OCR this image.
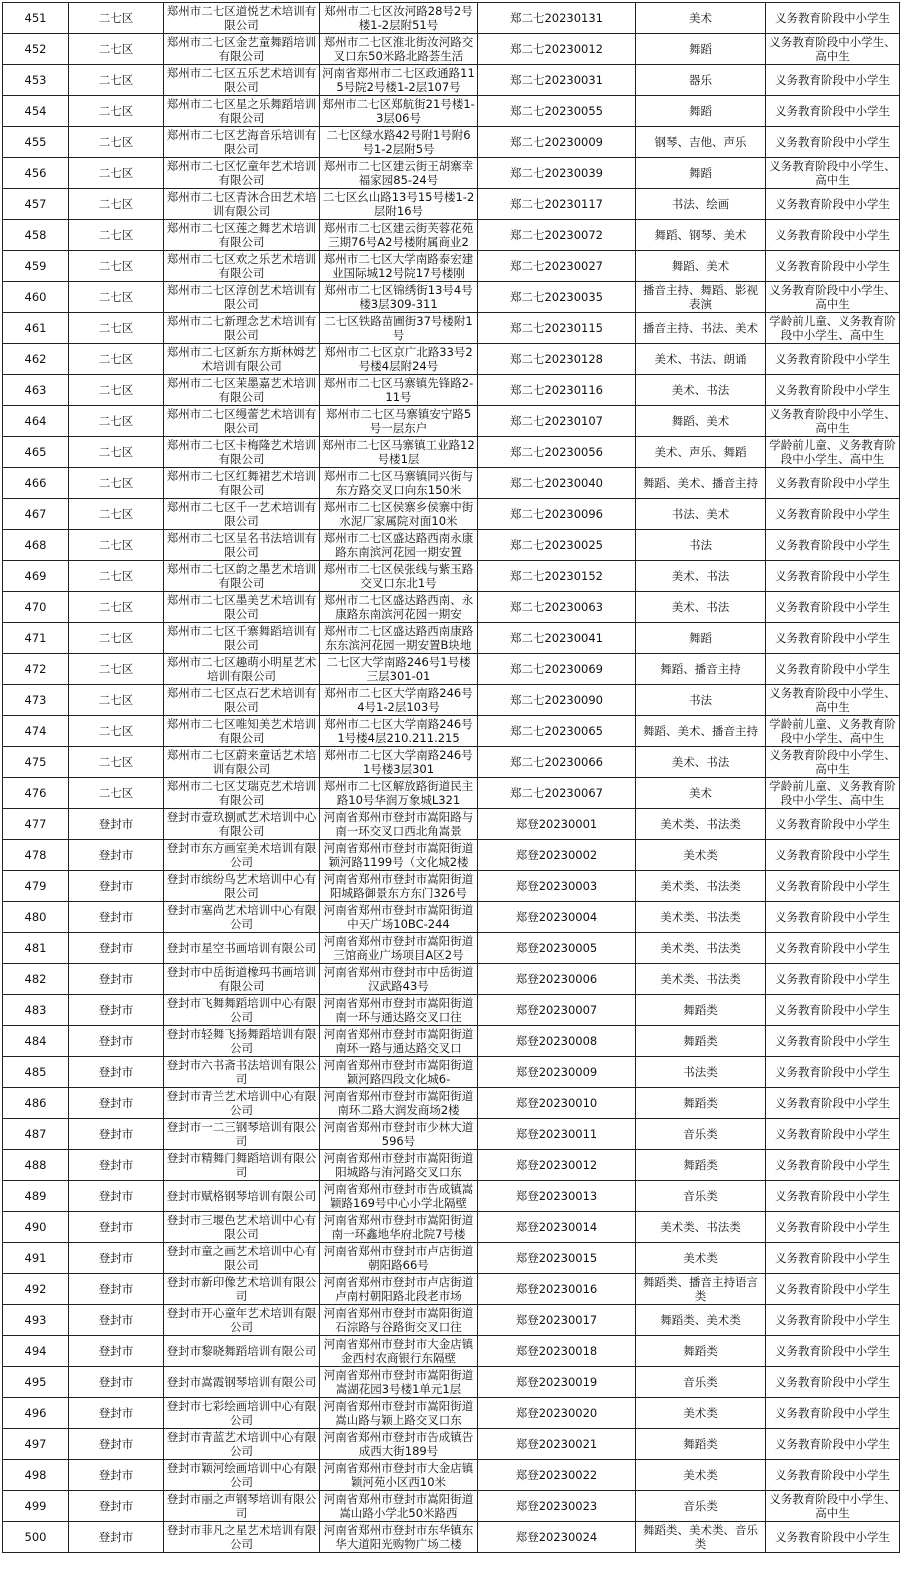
451	二七区	郑州市二七区道悦艺术培训有限公司	郑州市二七区汝河路28号2号楼1-2层附51号	郑二七20230131	美术	义务教育阶段中小学生

452	二七区	郑州市二七区金艺童舞蹈培训有限公司	郑州市二七区淮北街汝河路交叉口东50米路北路荟生活	郑二七20230012	舞蹈	义务教育阶段中小学生、高中生

453	二七区	郑州市二七区五乐艺术培训有限公司	河南省郑州市二七区政通路115号院2号楼1-2层107号	郑二七20230031	器乐	义务教育阶段中小学生

454	二七区	郑州市二七区星之乐舞蹈培训有限公司	郑州市二七区郑航街21号楼1-3层06号	郑二七20230055	舞蹈	义务教育阶段中小学生

455	二七区	郑州市二七区艺海音乐培训有限公司	二七区绿水路42号附1号附6号1-2层附5号	郑二七20230009	钢琴、吉他、声乐	义务教育阶段中小学生

456	二七区	郑州市二七区忆童年艺术培训有限公司	郑州市二七区建云街王胡寨幸福家园85-24号	郑二七20230039	舞蹈	义务教育阶段中小学生、高中生

457	二七区	郑州市二七区青沐合田艺术培训有限公司	二七区幺山路13号15号楼1-2层附16号	郑二七20230117	书法、绘画	义务教育阶段中小学生

458	二七区	郑州市二七区莲之舞艺术培训有限公司	郑州市二七区建云街芙蓉花苑三期76号A2号楼附属商业2	郑二七20230072	舞蹈、钢琴、美术	义务教育阶段中小学生

459	二七区	郑州市二七区欢之乐艺术培训有限公司	郑州市二七区大学南路泰宏建业国际城12号院17号楼刚	郑二七20230027	舞蹈、美术	义务教育阶段中小学生

460	二七区	郑州市二七区淳创艺术培训有限公司	郑州市二七区锦绣街13号4号楼3层309-311	郑二七20230035	播音主持、舞蹈、影视表演	义务教育阶段中小学生、高中生

461	二七区	郑州市二七新理念艺术培训有限公司	二七区铁路苗圃街37号楼附1号	郑二七20230115	播音主持、书法、美术	学龄前儿童、义务教育阶段中小学生、高中生

462	二七区	郑州市二七区新东方斯林姆艺术培训有限公司	郑州市二七区京广北路33号2号楼4层附24号	郑二七20230128	美术、书法、朗诵	义务教育阶段中小学生

463	二七区	郑州市二七区茉墨嘉艺术培训有限公司	郑州市二七区马寨镇先锋路2-11号	郑二七20230116	美术、书法	义务教育阶段中小学生

464	二七区	郑州市二七区缦蕾艺术培训有限公司	郑州市二七区马寨镇安宁路5号一层东户	郑二七20230107	舞蹈、美术	义务教育阶段中小学生、高中生

465	二七区	郑州市二七区卡梅隆艺术培训有限公司	郑州市二七区马寨镇工业路12号楼1层	郑二七20230056	美术、声乐、舞蹈	学龄前儿童、义务教育阶段中小学生、高中生

466	二七区	郑州市二七区红舞裙艺术培训有限公司	郑州市二七区马寨镇同兴街与东方路交叉口向东150米	郑二七20230040	舞蹈、美术、播音主持	义务教育阶段中小学生

467	二七区	郑州市二七区千一艺术培训有限公司	郑州市二七区侯寨乡侯寨中街水泥厂家属院对面10米	郑二七20230096	书法、美术	义务教育阶段中小学生

468	二七区	郑州市二七区呈名书法培训有限公司	郑州市二七区盛达路西南永康路东南滨河花园一期安置	郑二七20230025	书法	义务教育阶段中小学生

469	二七区	郑州市二七区韵之墨艺术培训有限公司	郑州市二七区侯张线与紫玉路交叉口东北1号	郑二七20230152	美术、书法	义务教育阶段中小学生

470	二七区	郑州市二七区墨美艺术培训有限公司	郑州市二七区盛达路西南、永康路东南滨河花园一期安	郑二七20230063	美术、书法	义务教育阶段中小学生

471	二七区	郑州市二七区千寨舞蹈培训有限公司	郑州市二七区盛达路西南康路东东滨河花园一期安置B块地	郑二七20230041	舞蹈	义务教育阶段中小学生

472	二七区	郑州市二七区趣萌小明星艺术培训有限公司	二七区大学南路246号1号楼三层301-01	郑二七20230069	舞蹈、播音主持	义务教育阶段中小学生

473	二七区	郑州市二七区点石艺术培训有限公司	郑州市二七区大学南路246号4号1-2层103号	郑二七20230090	书法	义务教育阶段中小学生、高中生

474	二七区	郑州市二七区唯知美艺术培训有限公司	郑州市二七区大学南路246号1号楼4层210.211.215	郑二七20230065	舞蹈、美术、播音主持	学龄前儿童、义务教育阶段中小学生、高中生

475	二七区	郑州市二七区蔚来童话艺术培训有限公司	郑州市二七区大学南路246号1号楼3层301	郑二七20230066	美术、书法	义务教育阶段中小学生、高中生

476	二七区	郑州市二七区艾瑞克艺术培训有限公司	郑州市二七区解放路街道民主路10号华润万象城L321	郑二七20230067	美术	学龄前儿童、义务教育阶段中小学生、高中生

477	登封市	登封市壹玖捌贰艺术培训中心有限公司	河南省郑州市登封市嵩阳路与南一环交叉口西北角嵩景	郑登20230001	美术类、书法类	义务教育阶段中小学生

478	登封市	登封市东方画室美术培训有限公司	河南省郑州市登封市嵩阳街道颖河路1199号（文化城2楼	郑登20230002	美术类	义务教育阶段中小学生

479	登封市	登封市缤纷鸟艺术培训中心有限公司	河南省郑州市登封市嵩阳街道阳城路御景东方东门326号	郑登20230003	美术类、书法类	义务教育阶段中小学生

480	登封市	登封市塞尚艺术培训中心有限公司	河南省郑州市登封市嵩阳街道中天广场10BC-244	郑登20230004	美术类、书法类	义务教育阶段中小学生

481	登封市	登封市星空书画培训有限公司	河南省郑州市登封市嵩阳街道三馆商业广场项目A区2号	郑登20230005	美术类、书法类	义务教育阶段中小学生

482	登封市	登封市中岳街道橡玛书画培训有限公司	河南省郑州市登封市中岳街道汉武路43号	郑登20230006	美术类、书法类	义务教育阶段中小学生

483	登封市	登封市飞舞舞蹈培训中心有限公司	河南省郑州市登封市嵩阳街道南一环与通达路交叉口往	郑登20230007	舞蹈类	义务教育阶段中小学生

484	登封市	登封市轻舞飞扬舞蹈培训有限公司	河南省郑州市登封市嵩阳街道南环一路与通达路交叉口	郑登20230008	舞蹈类	义务教育阶段中小学生

485	登封市	登封市六书斋书法培训有限公司	河南省郑州市登封市嵩阳街道颖河路四段文化城6-	郑登20230009	书法类	义务教育阶段中小学生

486	登封市	登封市青兰艺术培训中心有限公司	河南省郑州市登封市嵩阳街道南环二路大润发商场2楼	郑登20230010	舞蹈类	义务教育阶段中小学生

487	登封市	登封市一二三钢琴培训有限公司	河南省郑州市登封市少林大道596号	郑登20230011	音乐类	义务教育阶段中小学生

488	登封市	登封市精舞门舞蹈培训有限公司	河南省郑州市登封市嵩阳街道阳城路与洧河路交叉口东	郑登20230012	舞蹈类	义务教育阶段中小学生

489	登封市	登封市赋格钢琴培训有限公司	河南省郑州市登封市告成镇嵩颖路169号中心小学北隔壁	郑登20230013	音乐类	义务教育阶段中小学生

490	登封市	登封市三堰色艺术培训中心有限公司	河南省郑州市登封市嵩阳街道南一环鑫地华府北院7号楼	郑登20230014	美术类、书法类	义务教育阶段中小学生

491	登封市	登封市童之画艺术培训中心有限公司	河南省郑州市登封市卢店街道朝阳路66号	郑登20230015	美术类	义务教育阶段中小学生

492	登封市	登封市新印像艺术培训有限公司	河南省郑州市登封市卢店街道卢南村朝阳路北段老市场	郑登20230016	舞蹈类、播音主持语言类	义务教育阶段中小学生

493	登封市	登封市开心童年艺术培训有限公司	河南省郑州市登封市嵩阳街道石淙路与谷路街交叉口往	郑登20230017	舞蹈类、美术类	义务教育阶段中小学生

494	登封市	登封市黎晓舞蹈培训有限公司	河南省郑州市登封市大金店镇金西村农商银行东隔壁	郑登20230018	舞蹈类	义务教育阶段中小学生

495	登封市	登封市嵩霞钢琴培训有限公司	河南省郑州市登封市嵩阳街道嵩湖花园3号楼1单元1层	郑登20230019	音乐类	义务教育阶段中小学生

496	登封市	登封市七彩绘画培训中心有限公司	河南省郑州市登封市嵩阳街道嵩山路与颖上路交叉口东	郑登20230020	美术类	义务教育阶段中小学生

497	登封市	登封市青蓝艺术培训中心有限公司	河南省郑州市登封市告成镇告成西大街189号	郑登20230021	舞蹈类	义务教育阶段中小学生

498	登封市	登封市颖河绘画培训中心有限公司	河南省郑州市登封市大金店镇颖河苑小区西10米	郑登20230022	美术类	义务教育阶段中小学生

499	登封市	登封市丽之声钢琴培训有限公司	河南省郑州市登封市嵩阳街道嵩山路小学北50米路西	郑登20230023	音乐类	义务教育阶段中小学生、高中生

500	登封市	登封市菲凡之星艺术培训有限公司	河南省郑州市登封市东华镇东华大道阳光购物广场二楼	郑登20230024	舞蹈类、美术类、音乐类	义务教育阶段中小学生
